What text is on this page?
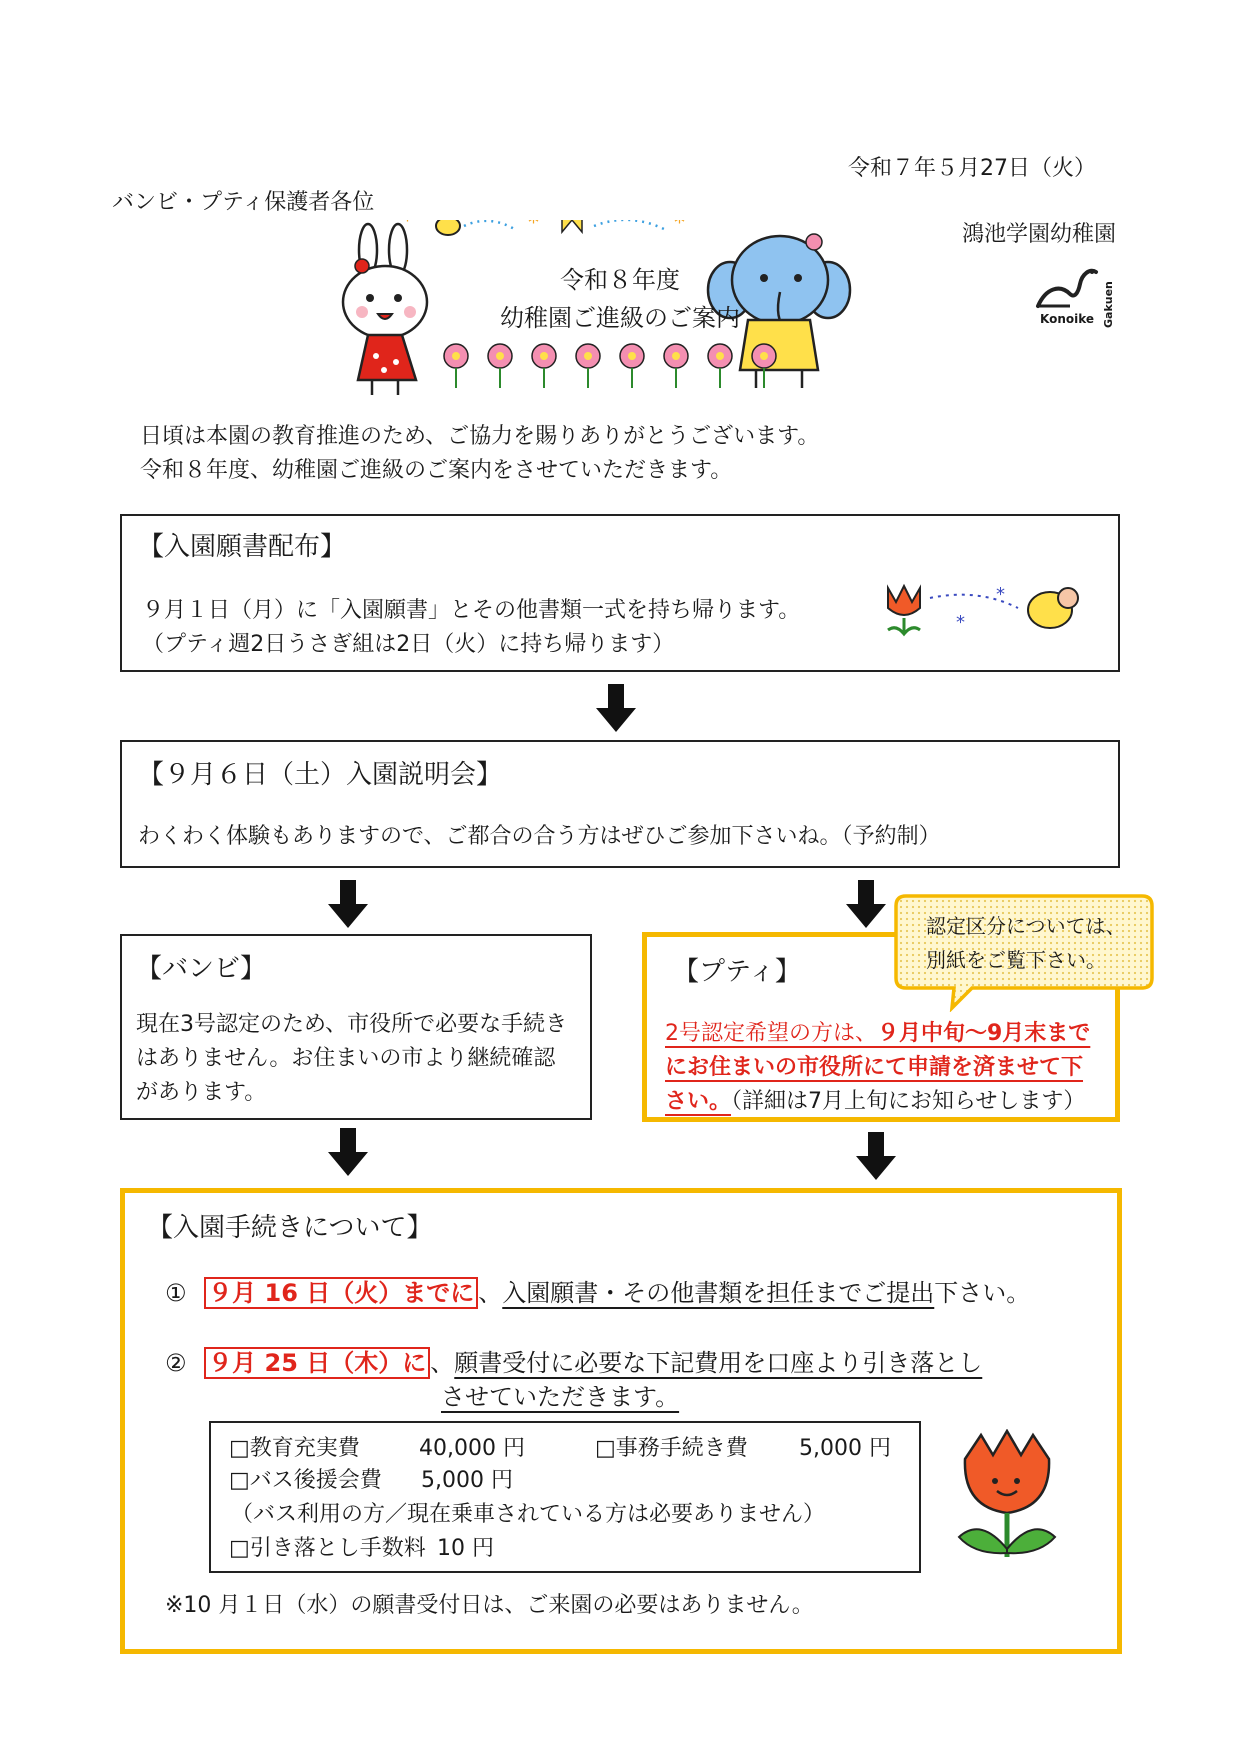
令和７年５月27日（火）
バンビ・プティ保護者各位
鴻池学園幼稚園
Gakuen
Konoike
*	*	*
令和８年度
幼稚園ご進級のご案内
日頃は本園の教育推進のため、ご協力を賜りありがとうございます。
令和８年度、幼稚園ご進級のご案内をさせていただきます。
【入園願書配布】
９月１日（月）に「入園願書」とその他書類一式を持ち帰ります。
（プティ週2日うさぎ組は2日（火）に持ち帰ります）
*
*
【９月６日（土）入園説明会】
わくわく体験もありますので、ご都合の合う方はぜひご参加下さいね。（予約制）
【バンビ】
現在3号認定のため、市役所で必要な手続き
はありません。お住まいの市より継続確認
があります。
【プティ】
2号認定希望の方は、９月中旬～9月末まで
にお住まいの市役所にて申請を済ませて下
さい。（詳細は7月上旬にお知らせします）
認定区分については、
別紙をご覧下さい。
【入園手続きについて】
① ９月 16 日（火）までに 、入園願書・その他書類を担任までご提出下さい。
② ９月 25 日（木）に 、願書受付に必要な下記費用を口座より引き落とし
させていただきます。
□教育充実費	40,000 円	□事務手続き費 5,000 円
□バス後援会費 5,000 円
（バス利用の方／現在乗車されている方は必要ありません）
□引き落とし手数料 10 円
※10 月１日（水）の願書受付日は、ご来園の必要はありません。
